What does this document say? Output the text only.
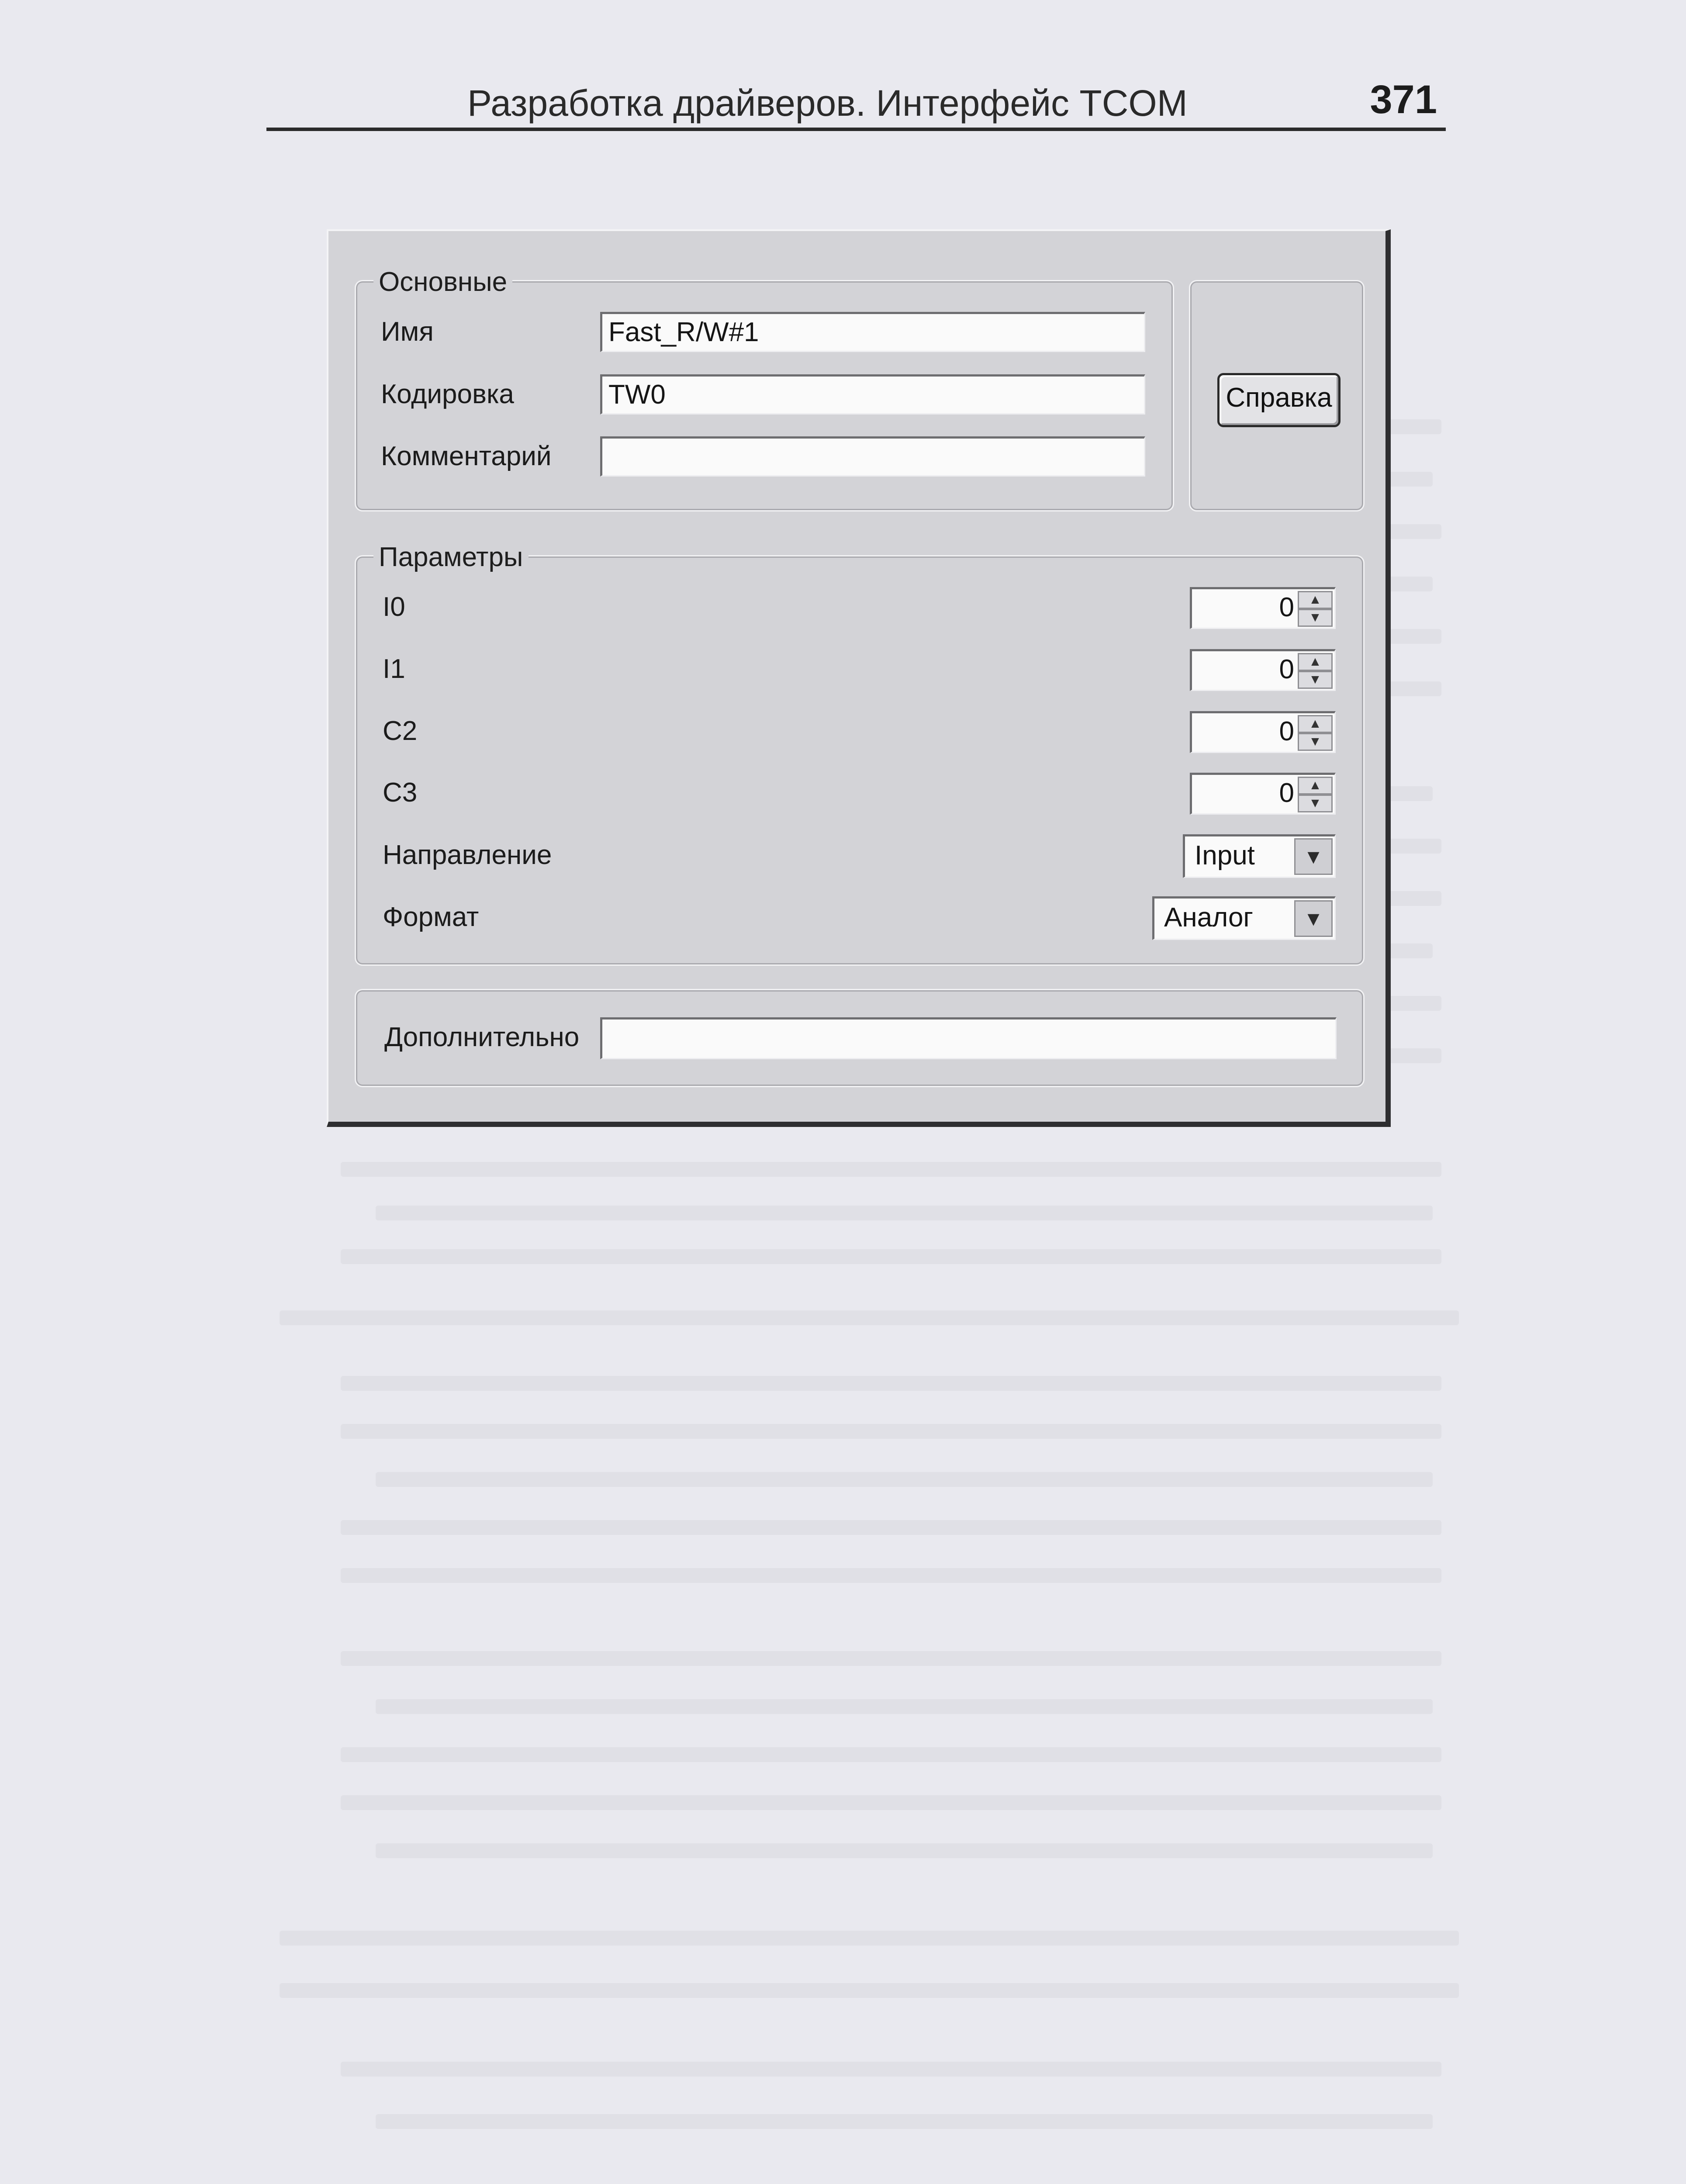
Разработка драйверов. Интерфейс TCOM	371
Основные
Имя	Fast_R/W#1
Кодировка	TW0
Комментарий
Справка
Параметры
I0	0	▲
▼
I1	0	▲
▼
C2	0	▲
▼
C3	0	▲
▼
Направление	Input	▼
Формат	Аналог	▼
Дополнительно
